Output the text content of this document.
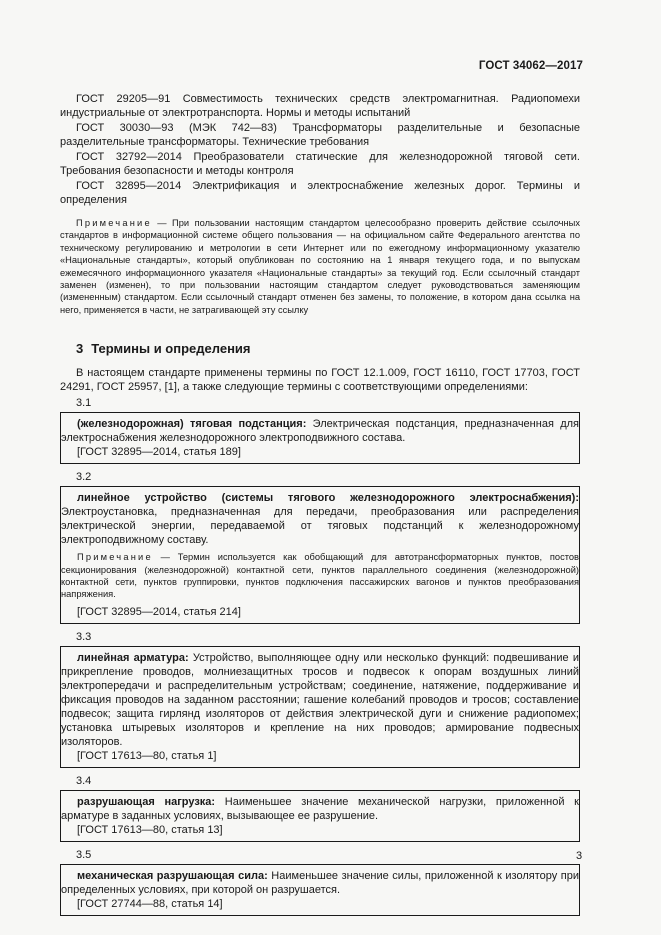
ГОСТ 34062—2017

ГОСТ 29205—91 Совместимость технических средств электромагнитная. Радиопомехи индустриальные от электротранспорта. Нормы и методы испытаний

ГОСТ 30030—93 (МЭК 742—83) Трансформаторы разделительные и безопасные разделительные трансформаторы. Технические требования

ГОСТ 32792—2014 Преобразователи статические для железнодорожной тяговой сети. Требования безопасности и методы контроля

ГОСТ 32895—2014 Электрификация и электроснабжение железных дорог. Термины и определения

Примечание — При пользовании настоящим стандартом целесообразно проверить действие ссылочных стандартов в информационной системе общего пользования — на официальном сайте Федерального агентства по техническому регулированию и метрологии в сети Интернет или по ежегодному информационному указателю «Национальные стандарты», который опубликован по состоянию на 1 января текущего года, и по выпускам ежемесячного информационного указателя «Национальные стандарты» за текущий год. Если ссылочный стандарт заменен (изменен), то при пользовании настоящим стандартом следует руководствоваться заменяющим (измененным) стандартом. Если ссылочный стандарт отменен без замены, то положение, в котором дана ссылка на него, применяется в части, не затрагивающей эту ссылку

3 Термины и определения

В настоящем стандарте применены термины по ГОСТ 12.1.009, ГОСТ 16110, ГОСТ 17703, ГОСТ 24291, ГОСТ 25957, [1], а также следующие термины с соответствующими определениями:

3.1

(железнодорожная) тяговая подстанция: Электрическая подстанция, предназначенная для электроснабжения железнодорожного электроподвижного состава.

[ГОСТ 32895—2014, статья 189]
3.2

линейное устройство (системы тягового железнодорожного электроснабжения): Электроустановка, предназначенная для передачи, преобразования или распределения электрической энергии, передаваемой от тяговых подстанций к железнодорожному электроподвижному составу.

Примечание — Термин используется как обобщающий для автотрансформаторных пунктов, постов секционирования (железнодорожной) контактной сети, пунктов параллельного соединения (железнодорожной) контактной сети, пунктов группировки, пунктов подключения пассажирских вагонов и пунктов преобразования напряжения.

[ГОСТ 32895—2014, статья 214]
3.3

линейная арматура: Устройство, выполняющее одну или несколько функций: подвешивание и прикрепление проводов, молниезащитных тросов и подвесок к опорам воздушных линий электропередачи и распределительным устройствам; соединение, натяжение, поддерживание и фиксация проводов на заданном расстоянии; гашение колебаний проводов и тросов; составление подвесок; защита гирлянд изоляторов от действия электрической дуги и снижение радиопомех; установка штыревых изоляторов и крепление на них проводов; армирование подвесных изоляторов.

[ГОСТ 17613—80, статья 1]
3.4

разрушающая нагрузка: Наименьшее значение механической нагрузки, приложенной к арматуре в заданных условиях, вызывающее ее разрушение.

[ГОСТ 17613—80, статья 13]
3.5

механическая разрушающая сила: Наименьшее значение силы, приложенной к изолятору при определенных условиях, при которой он разрушается.

[ГОСТ 27744—88, статья 14]
3
